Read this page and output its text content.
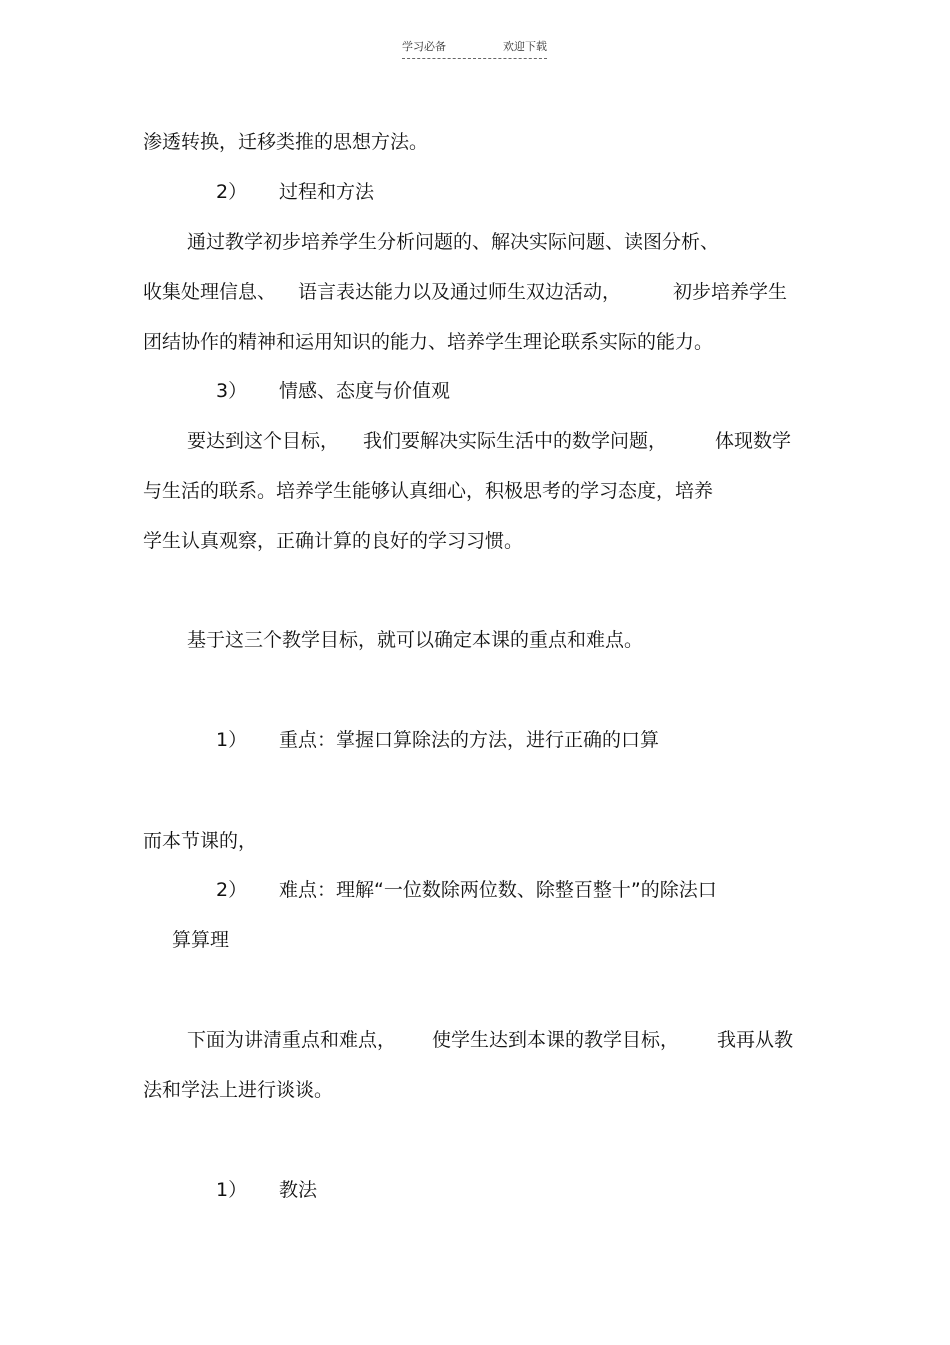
学习必备	欢迎下载
渗透转换，迁移类推的思想方法。
2） 过程和方法
通过教学初步培养学生分析问题的、解决实际问题、读图分析、
收集处理信息、 语言表达能力以及通过师生双边活动，	初步培养学生
团结协作的精神和运用知识的能力、培养学生理论联系实际的能力。
3） 情感、态度与价值观
要达到这个目标， 我们要解决实际生活中的数学问题，	体现数学
与生活的联系。培养学生能够认真细心，积极思考的学习态度，培养
学生认真观察，正确计算的良好的学习习惯。
基于这三个教学目标，就可以确定本课的重点和难点。
1） 重点：掌握口算除法的方法，进行正确的口算
而本节课的，
2） 难点：理解“一位数除两位数、除整百整十”的除法口
算算理
下面为讲清重点和难点， 使学生达到本课的教学目标， 我再从教
法和学法上进行谈谈。
1） 教法
